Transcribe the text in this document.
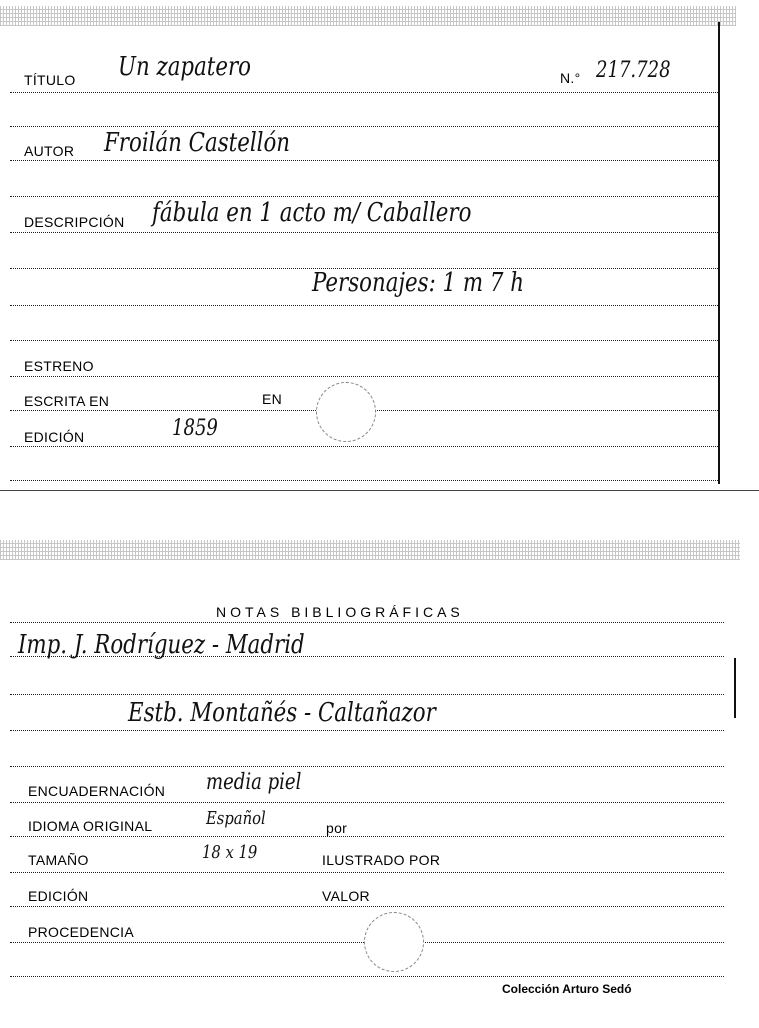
TÍTULO Un zapatero	N.° 217.728
AUTOR Froilán Castellón
DESCRIPCIÓN fábula en 1 acto m/ Caballero
Personajes: 1 m 7 h
ESTRENO
ESCRITA EN	EN
EDICIÓN	1859
NOTAS BIBLIOGRÁFICAS
Imp. J. Rodríguez - Madrid
Estb. Montañés - Caltañazor
ENCUADERNACIÓN media piel
IDIOMA ORIGINAL	Español	por
TAMAÑO	18 x 19	ILUSTRADO POR
EDICIÓN	VALOR
PROCEDENCIA
Colección Arturo Sedó
